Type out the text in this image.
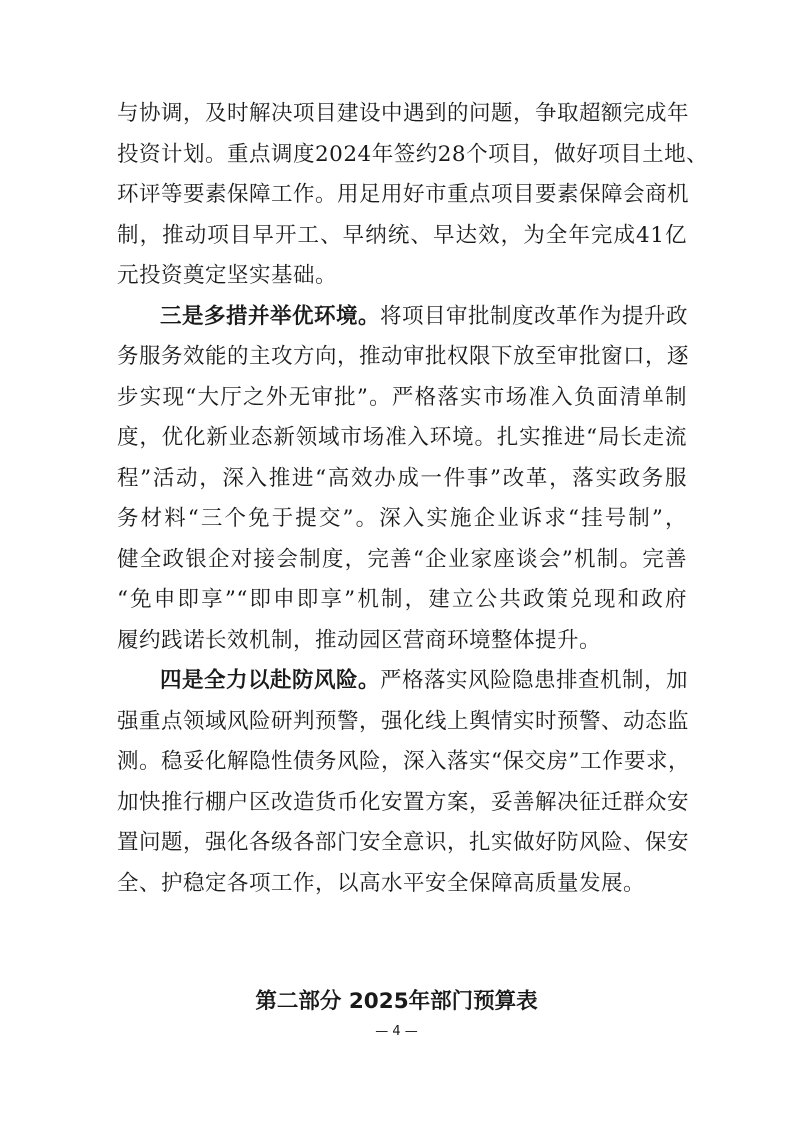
与协调，及时解决项目建设中遇到的问题，争取超额完成年
投资计划。重点调度2024年签约28个项目，做好项目土地、
环评等要素保障工作。用足用好市重点项目要素保障会商机
制，推动项目早开工、早纳统、早达效，为全年完成41亿
元投资奠定坚实基础。
三是多措并举优环境。将项目审批制度改革作为提升政
务服务效能的主攻方向，推动审批权限下放至审批窗口，逐
步实现“大厅之外无审批”。严格落实市场准入负面清单制
度，优化新业态新领域市场准入环境。扎实推进“局长走流
程”活动，深入推进“高效办成一件事”改革，落实政务服
务材料“三个免于提交”。深入实施企业诉求“挂号制”，
健全政银企对接会制度，完善“企业家座谈会”机制。完善
“免申即享”“即申即享”机制，建立公共政策兑现和政府
履约践诺长效机制，推动园区营商环境整体提升。
四是全力以赴防风险。严格落实风险隐患排查机制，加
强重点领域风险研判预警，强化线上舆情实时预警、动态监
测。稳妥化解隐性债务风险，深入落实“保交房”工作要求，
加快推行棚户区改造货币化安置方案，妥善解决征迁群众安
置问题，强化各级各部门安全意识，扎实做好防风险、保安
第二部分 2025年部门预算表
— 4 —
全、护稳定各项工作，以高水平安全保障高质量发展。
